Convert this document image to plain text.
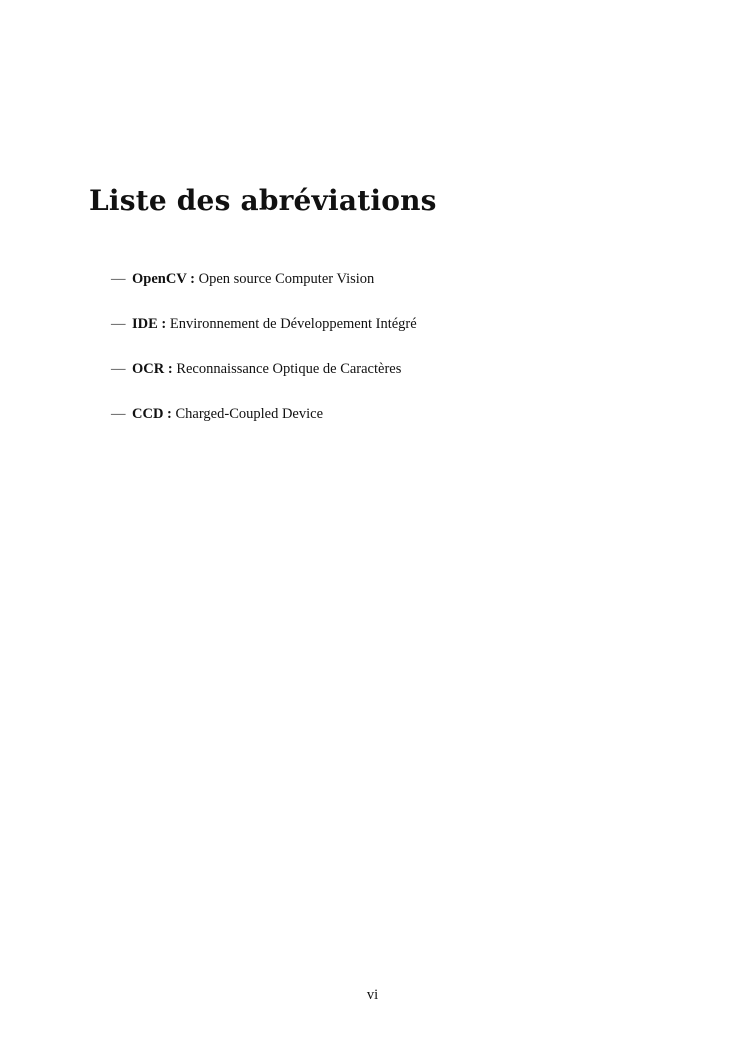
Liste des abréviations
— OpenCV : Open source Computer Vision
— IDE : Environnement de Développement Intégré
— OCR : Reconnaissance Optique de Caractères
— CCD : Charged-Coupled Device
vi
